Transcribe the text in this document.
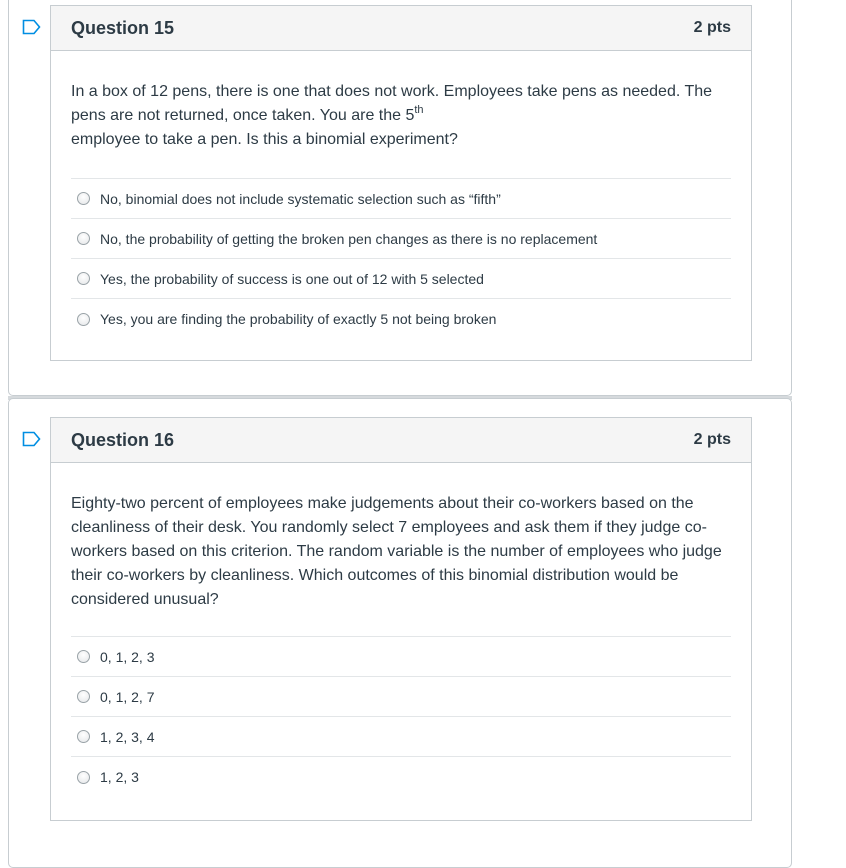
Question 15	2 pts

In a box of 12 pens, there is one that does not work. Employees take pens as needed. The pens are not returned, once taken. You are the 5th
employee to take a pen. Is this a binomial experiment?

No, binomial does not include systematic selection such as “fifth”
No, the probability of getting the broken pen changes as there is no replacement
Yes, the probability of success is one out of 12 with 5 selected
Yes, you are finding the probability of exactly 5 not being broken
Question 16	2 pts

Eighty-two percent of employees make judgements about their co-workers based on the cleanliness of their desk. You randomly select 7 employees and ask them if they judge co-workers based on this criterion. The random variable is the number of employees who judge their co-workers by cleanliness. Which outcomes of this binomial distribution would be considered unusual?

0, 1, 2, 3
0, 1, 2, 7
1, 2, 3, 4
1, 2, 3
